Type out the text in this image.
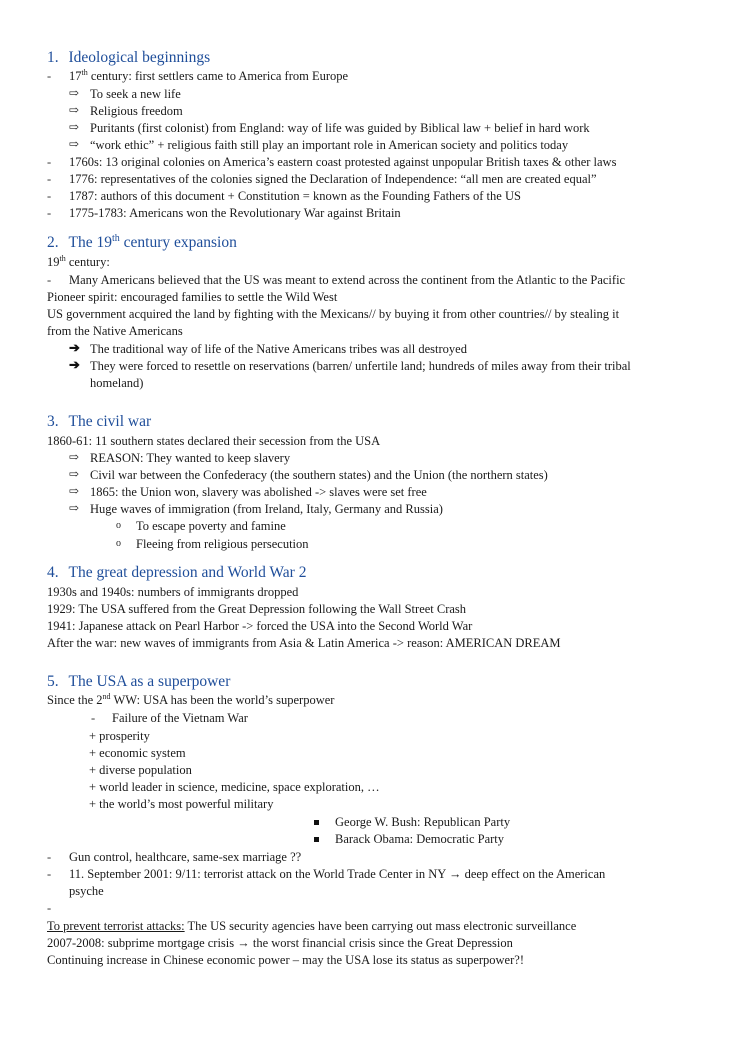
1. Ideological beginnings
- 17th century: first settlers came to America from Europe
⇨ To seek a new life
⇨ Religious freedom
⇨ Puritants (first colonist) from England: way of life was guided by Biblical law + belief in hard work
⇨ “work ethic” + religious faith still play an important role in American society and politics today
- 1760s: 13 original colonies on America’s eastern coast protested against unpopular British taxes & other laws
- 1776: representatives of the colonies signed the Declaration of Independence: “all men are created equal”
- 1787: authors of this document + Constitution = known as the Founding Fathers of the US
- 1775-1783: Americans won the Revolutionary War against Britain
2. The 19th century expansion
19th century:
- Many Americans believed that the US was meant to extend across the continent from the Atlantic to the Pacific
Pioneer spirit: encouraged families to settle the Wild West
US government acquired the land by fighting with the Mexicans// by buying it from other countries// by stealing it
from the Native Americans
➔ The traditional way of life of the Native Americans tribes was all destroyed
➔ They were forced to resettle on reservations (barren/ unfertile land; hundreds of miles away from their tribal
homeland)
3. The civil war
1860-61: 11 southern states declared their secession from the USA
⇨ REASON: They wanted to keep slavery
⇨ Civil war between the Confederacy (the southern states) and the Union (the northern states)
⇨ 1865: the Union won, slavery was abolished -> slaves were set free
⇨ Huge waves of immigration (from Ireland, Italy, Germany and Russia)
o To escape poverty and famine
o Fleeing from religious persecution
4. The great depression and World War 2
1930s and 1940s: numbers of immigrants dropped
1929: The USA suffered from the Great Depression following the Wall Street Crash
1941: Japanese attack on Pearl Harbor -> forced the USA into the Second World War
After the war: new waves of immigrants from Asia & Latin America -> reason: AMERICAN DREAM
5. The USA as a superpower
Since the 2nd WW: USA has been the world’s superpower
- Failure of the Vietnam War
+ prosperity
+ economic system
+ diverse population
+ world leader in science, medicine, space exploration, …
+ the world’s most powerful military
George W. Bush: Republican Party
Barack Obama: Democratic Party
- Gun control, healthcare, same-sex marriage ??
- 11. September 2001: 9/11: terrorist attack on the World Trade Center in NY → deep effect on the American
psyche
-
To prevent terrorist attacks: The US security agencies have been carrying out mass electronic surveillance
2007-2008: subprime mortgage crisis → the worst financial crisis since the Great Depression
Continuing increase in Chinese economic power – may the USA lose its status as superpower?!
